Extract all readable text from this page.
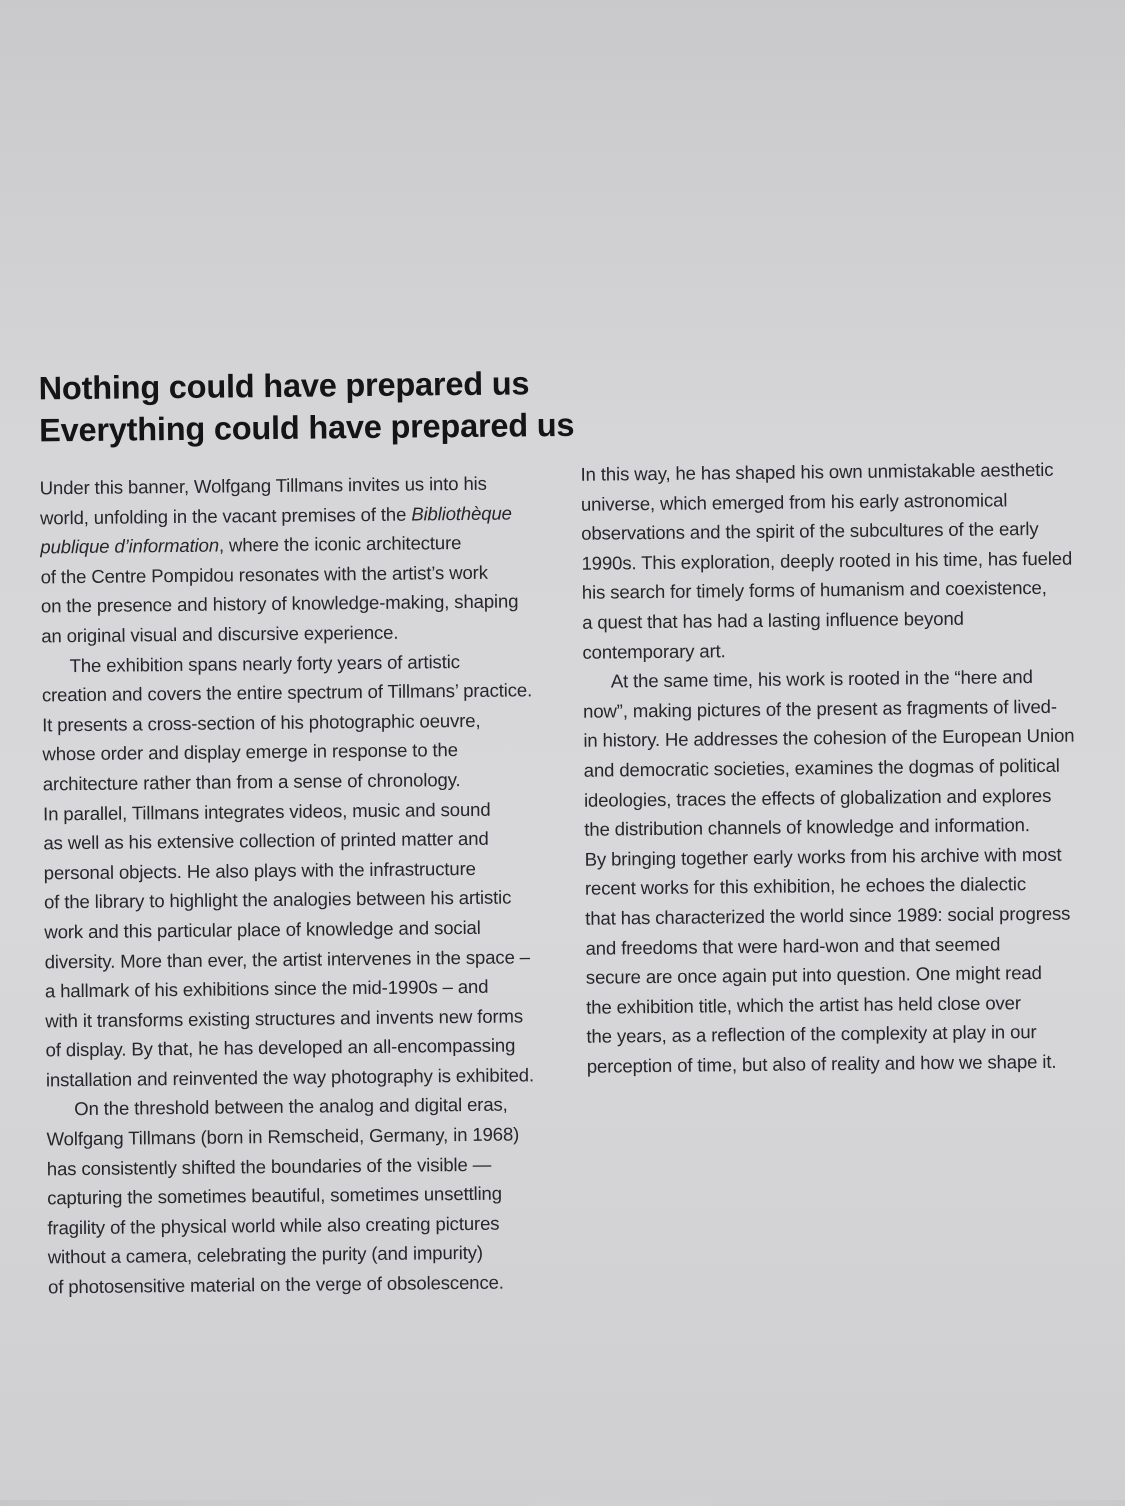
Nothing could have prepared us
Everything could have prepared us
Under this banner, Wolfgang Tillmans invites us into his
world, unfolding in the vacant premises of the Bibliothèque
publique d’information, where the iconic architecture
of the Centre Pompidou resonates with the artist’s work
on the presence and history of knowledge-making, shaping
an original visual and discursive experience.
The exhibition spans nearly forty years of artistic
creation and covers the entire spectrum of Tillmans’ practice.
It presents a cross-section of his photographic oeuvre,
whose order and display emerge in response to the
architecture rather than from a sense of chronology.
In parallel, Tillmans integrates videos, music and sound
as well as his extensive collection of printed matter and
personal objects. He also plays with the infrastructure
of the library to highlight the analogies between his artistic
work and this particular place of knowledge and social
diversity. More than ever, the artist intervenes in the space –
a hallmark of his exhibitions since the mid-1990s – and
with it transforms existing structures and invents new forms
of display. By that, he has developed an all-encompassing
installation and reinvented the way photography is exhibited.
On the threshold between the analog and digital eras,
Wolfgang Tillmans (born in Remscheid, Germany, in 1968)
has consistently shifted the boundaries of the visible —
capturing the sometimes beautiful, sometimes unsettling
fragility of the physical world while also creating pictures
without a camera, celebrating the purity (and impurity)
of photosensitive material on the verge of obsolescence.
In this way, he has shaped his own unmistakable aesthetic
universe, which emerged from his early astronomical
observations and the spirit of the subcultures of the early
1990s. This exploration, deeply rooted in his time, has fueled
his search for timely forms of humanism and coexistence,
a quest that has had a lasting influence beyond
contemporary art.
At the same time, his work is rooted in the “here and
now”, making pictures of the present as fragments of lived-
in history. He addresses the cohesion of the European Union
and democratic societies, examines the dogmas of political
ideologies, traces the effects of globalization and explores
the distribution channels of knowledge and information.
By bringing together early works from his archive with most
recent works for this exhibition, he echoes the dialectic
that has characterized the world since 1989: social progress
and freedoms that were hard-won and that seemed
secure are once again put into question. One might read
the exhibition title, which the artist has held close over
the years, as a reflection of the complexity at play in our
perception of time, but also of reality and how we shape it.
